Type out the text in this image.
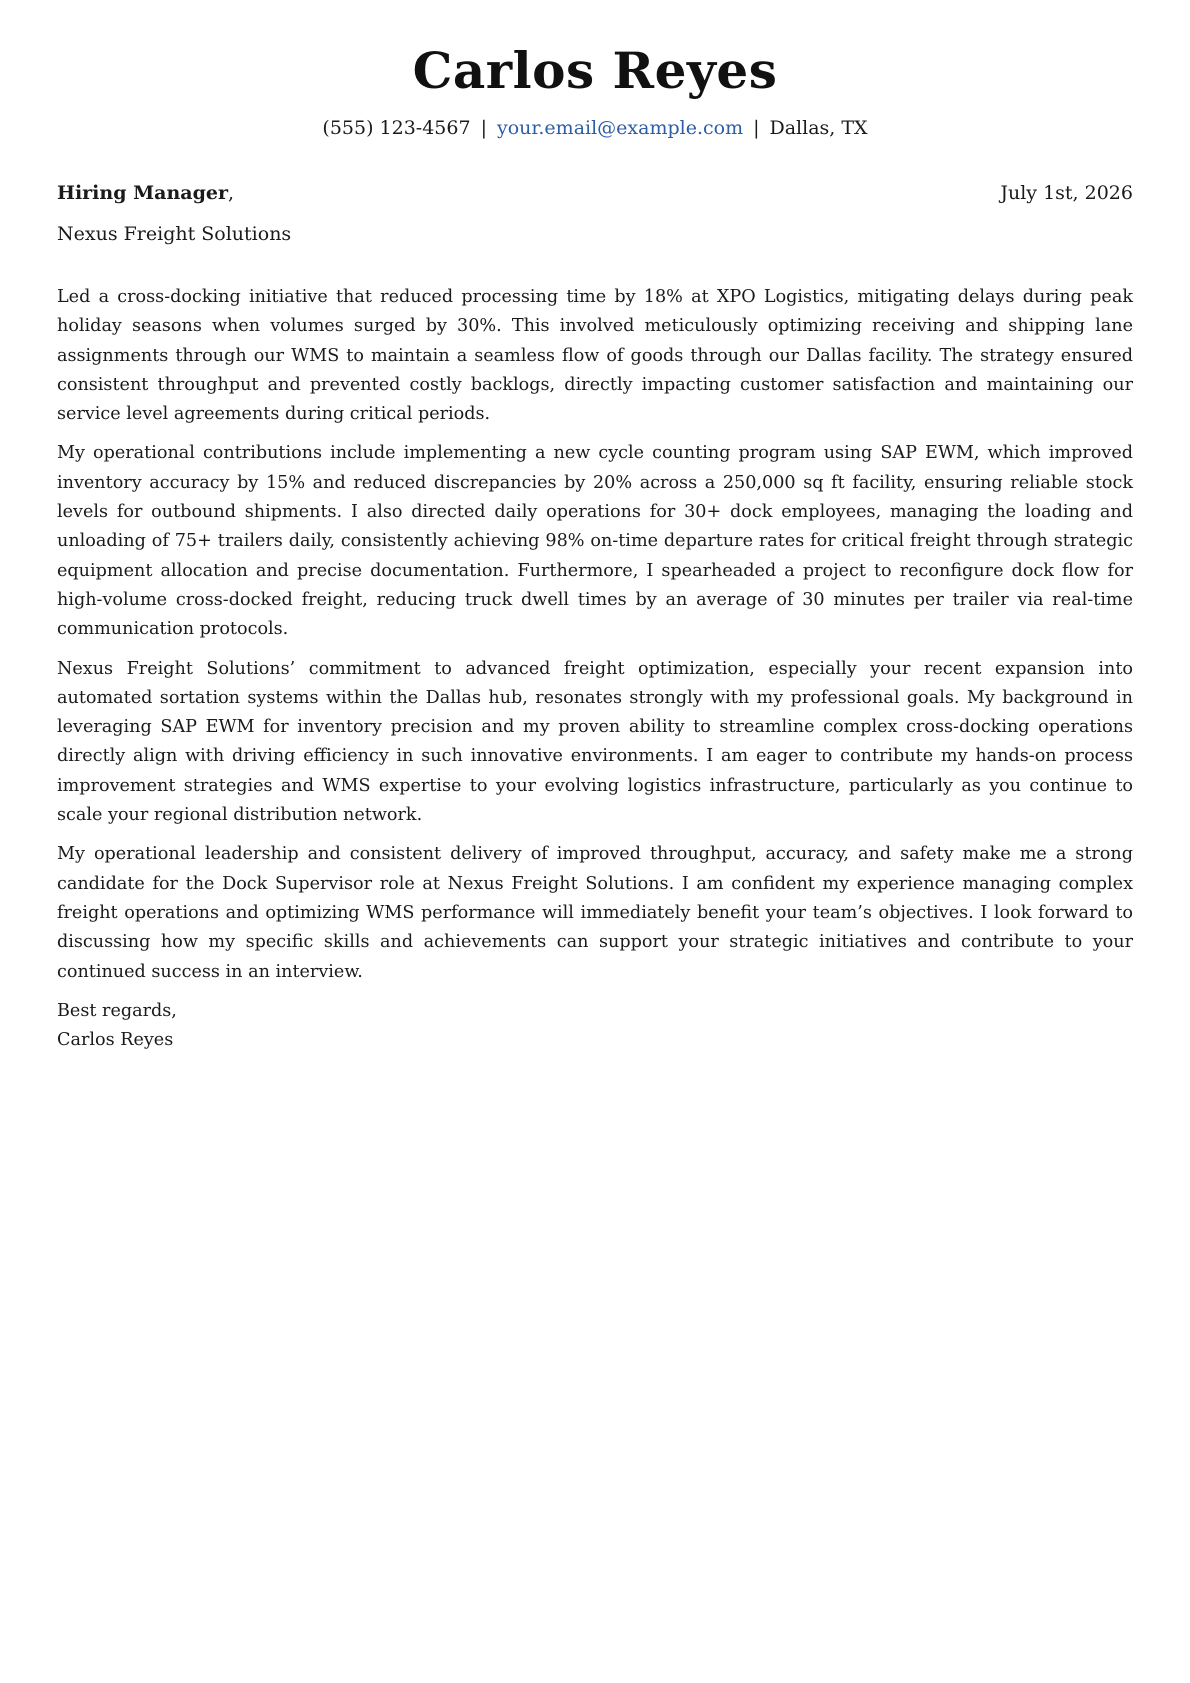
Carlos Reyes
(555) 123-4567 | your.email@example.com | Dallas, TX
Hiring Manager,	July 1st, 2026
Nexus Freight Solutions

Led a cross-docking initiative that reduced processing time by 18% at XPO Logistics, mitigating delays during peak holiday seasons when volumes surged by 30%. This involved meticulously optimizing receiving and shipping lane assignments through our WMS to maintain a seamless flow of goods through our Dallas facility. The strategy ensured consistent throughput and prevented costly backlogs, directly impacting customer satisfaction and maintaining our service level agreements during critical periods.

My operational contributions include implementing a new cycle counting program using SAP EWM, which improved inventory accuracy by 15% and reduced discrepancies by 20% across a 250,000 sq ft facility, ensuring reliable stock levels for outbound shipments. I also directed daily operations for 30+ dock employees, managing the loading and unloading of 75+ trailers daily, consistently achieving 98% on-time departure rates for critical freight through strategic equipment allocation and precise documentation. Furthermore, I spearheaded a project to reconfigure dock flow for high-volume cross-docked freight, reducing truck dwell times by an average of 30 minutes per trailer via real-time communication protocols.

Nexus Freight Solutions’ commitment to advanced freight optimization, especially your recent expansion into automated sortation systems within the Dallas hub, resonates strongly with my professional goals. My background in leveraging SAP EWM for inventory precision and my proven ability to streamline complex cross-docking operations directly align with driving efficiency in such innovative environments. I am eager to contribute my hands-on process improvement strategies and WMS expertise to your evolving logistics infrastructure, particularly as you continue to scale your regional distribution network.

My operational leadership and consistent delivery of improved throughput, accuracy, and safety make me a strong candidate for the Dock Supervisor role at Nexus Freight Solutions. I am confident my experience managing complex freight operations and optimizing WMS performance will immediately benefit your team’s objectives. I look forward to discussing how my specific skills and achievements can support your strategic initiatives and contribute to your continued success in an interview.

Best regards,
Carlos Reyes
